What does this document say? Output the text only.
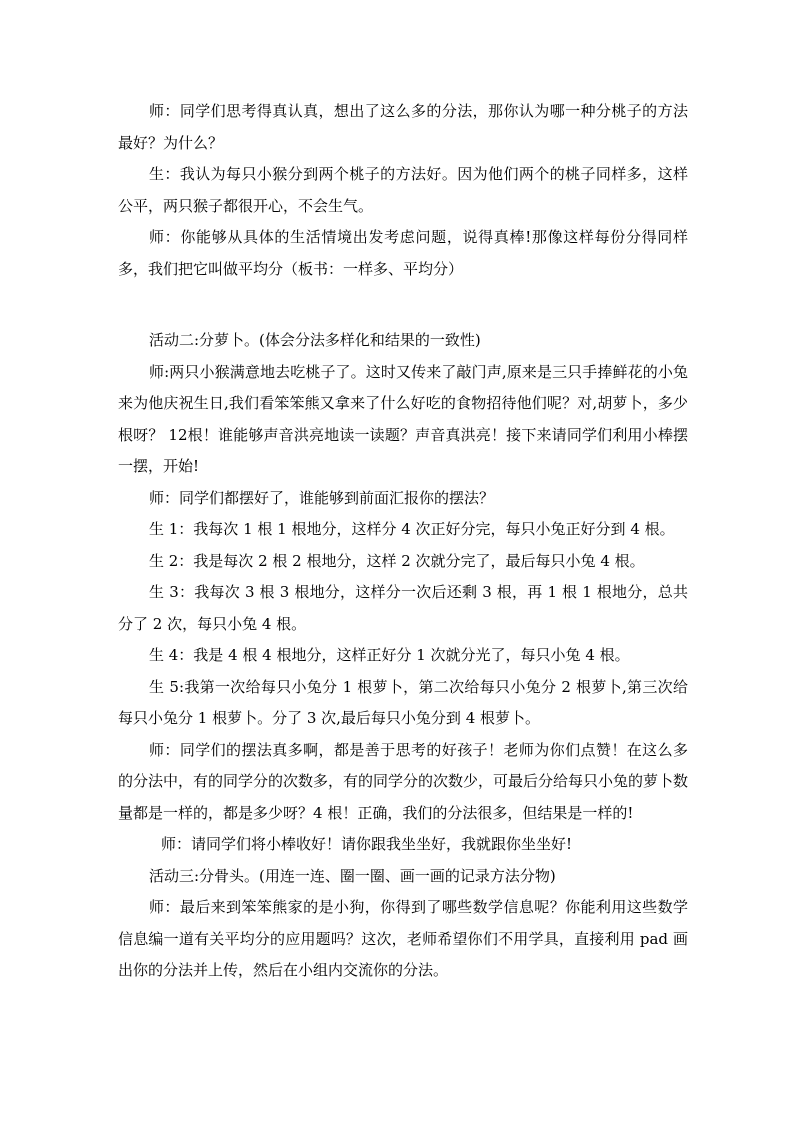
师：同学们思考得真认真，想出了这么多的分法，那你认为哪一种分桃子的方法最好？为什么？

生：我认为每只小猴分到两个桃子的方法好。因为他们两个的桃子同样多，这样公平，两只猴子都很开心，不会生气。

师：你能够从具体的生活情境出发考虑问题，说得真棒!那像这样每份分得同样多，我们把它叫做平均分（板书：一样多、平均分）

活动二:分萝卜。(体会分法多样化和结果的一致性)

师:两只小猴满意地去吃桃子了。这时又传来了敲门声,原来是三只手捧鲜花的小兔来为他庆祝生日,我们看笨笨熊又拿来了什么好吃的食物招待他们呢？对,胡萝卜，多少根呀？ 12根！谁能够声音洪亮地读一读题？声音真洪亮！接下来请同学们利用小棒摆一摆，开始!

师：同学们都摆好了，谁能够到前面汇报你的摆法？

生 1：我每次 1 根 1 根地分，这样分 4 次正好分完，每只小兔正好分到 4 根。

生 2：我是每次 2 根 2 根地分，这样 2 次就分完了，最后每只小兔 4 根。

生 3：我每次 3 根 3 根地分，这样分一次后还剩 3 根，再 1 根 1 根地分，总共分了 2 次，每只小兔 4 根。

生 4：我是 4 根 4 根地分，这样正好分 1 次就分光了，每只小兔 4 根。

生 5:我第一次给每只小兔分 1 根萝卜，第二次给每只小兔分 2 根萝卜,第三次给每只小兔分 1 根萝卜。分了 3 次,最后每只小兔分到 4 根萝卜。

师：同学们的摆法真多啊，都是善于思考的好孩子！老师为你们点赞！在这么多的分法中，有的同学分的次数多，有的同学分的次数少，可最后分给每只小兔的萝卜数量都是一样的，都是多少呀？4 根！正确，我们的分法很多，但结果是一样的!

师：请同学们将小棒收好！请你跟我坐坐好，我就跟你坐坐好!

活动三:分骨头。(用连一连、圈一圈、画一画的记录方法分物)

师：最后来到笨笨熊家的是小狗，你得到了哪些数学信息呢？你能利用这些数学信息编一道有关平均分的应用题吗？这次，老师希望你们不用学具，直接利用 pad 画出你的分法并上传，然后在小组内交流你的分法。
